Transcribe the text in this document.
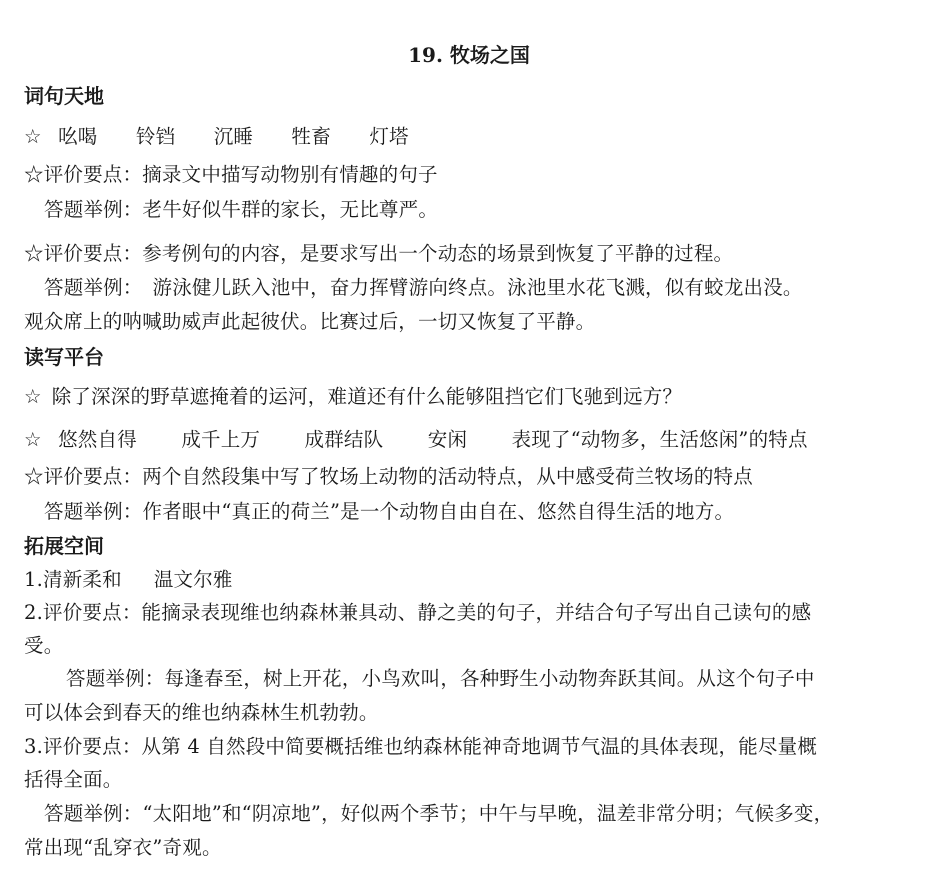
19. 牧场之国
词句天地
☆ 吆喝 铃铛 沉睡 牲畜 灯塔
☆评价要点：摘录文中描写动物别有情趣的句子
答题举例：老牛好似牛群的家长，无比尊严。
☆评价要点：参考例句的内容，是要求写出一个动态的场景到恢复了平静的过程。
答题举例： 游泳健儿跃入池中，奋力挥臂游向终点。泳池里水花飞溅，似有蛟龙出没。
观众席上的呐喊助威声此起彼伏。比赛过后，一切又恢复了平静。
读写平台
☆ 除了深深的野草遮掩着的运河，难道还有什么能够阻挡它们飞驰到远方？
☆ 悠然自得 成千上万 成群结队 安闲 表现了“动物多，生活悠闲”的特点
☆评价要点：两个自然段集中写了牧场上动物的活动特点，从中感受荷兰牧场的特点
答题举例：作者眼中“真正的荷兰”是一个动物自由自在、悠然自得生活的地方。
拓展空间
1.清新柔和 温文尔雅
2.评价要点：能摘录表现维也纳森林兼具动、静之美的句子，并结合句子写出自己读句的感
受。
答题举例：每逢春至，树上开花，小鸟欢叫，各种野生小动物奔跃其间。从这个句子中
可以体会到春天的维也纳森林生机勃勃。
3.评价要点：从第 4 自然段中简要概括维也纳森林能神奇地调节气温的具体表现，能尽量概
括得全面。
答题举例：“太阳地”和“阴凉地”，好似两个季节；中午与早晚，温差非常分明；气候多变，
常出现“乱穿衣”奇观。
